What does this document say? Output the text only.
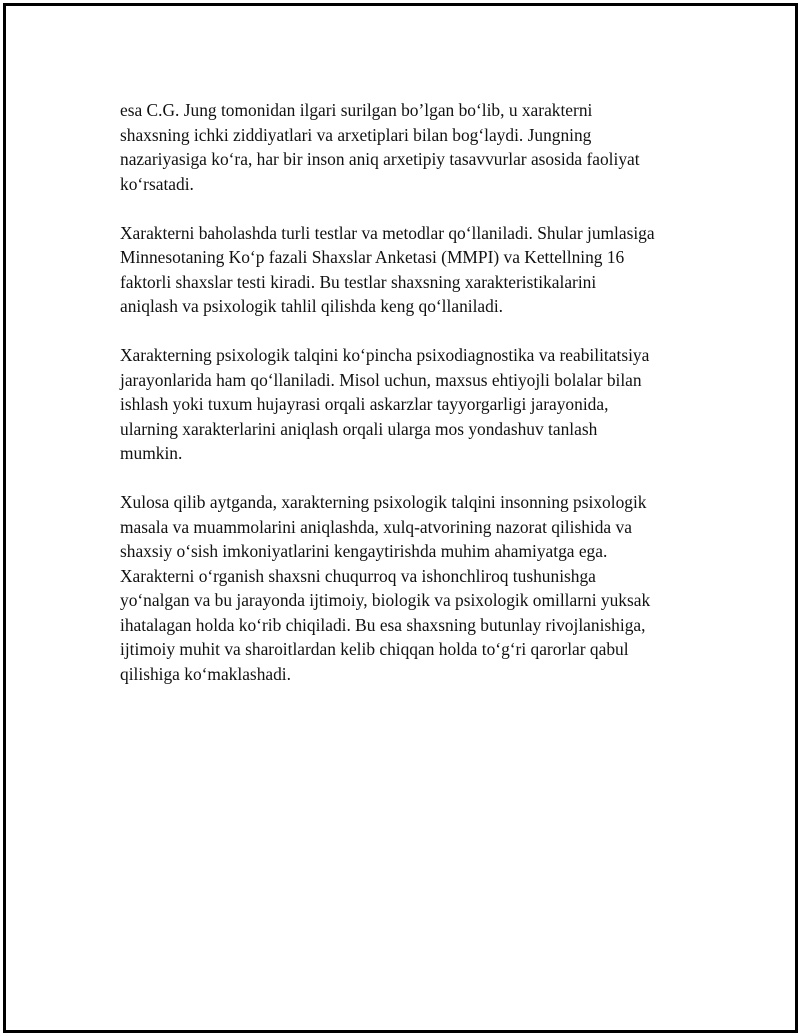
esa C.G. Jung tomonidan ilgari surilgan bo’lgan bo‘lib, u xarakterni
shaxsning ichki ziddiyatlari va arxetiplari bilan bog‘laydi. Jungning
nazariyasiga ko‘ra, har bir inson aniq arxetipiy tasavvurlar asosida faoliyat
ko‘rsatadi.

Xarakterni baholashda turli testlar va metodlar qo‘llaniladi. Shular jumlasiga
Minnesotaning Ko‘p fazali Shaxslar Anketasi (MMPI) va Kettellning 16
faktorli shaxslar testi kiradi. Bu testlar shaxsning xarakteristikalarini
aniqlash va psixologik tahlil qilishda keng qo‘llaniladi.

Xarakterning psixologik talqini ko‘pincha psixodiagnostika va reabilitatsiya
jarayonlarida ham qo‘llaniladi. Misol uchun, maxsus ehtiyojli bolalar bilan
ishlash yoki tuxum hujayrasi orqali askarzlar tayyorgarligi jarayonida,
ularning xarakterlarini aniqlash orqali ularga mos yondashuv tanlash
mumkin.

Xulosa qilib aytganda, xarakterning psixologik talqini insonning psixologik
masala va muammolarini aniqlashda, xulq-atvorining nazorat qilishida va
shaxsiy o‘sish imkoniyatlarini kengaytirishda muhim ahamiyatga ega.
Xarakterni o‘rganish shaxsni chuqurroq va ishonchliroq tushunishga
yo‘nalgan va bu jarayonda ijtimoiy, biologik va psixologik omillarni yuksak
ihatalagan holda ko‘rib chiqiladi. Bu esa shaxsning butunlay rivojlanishiga,
ijtimoiy muhit va sharoitlardan kelib chiqqan holda to‘g‘ri qarorlar qabul
qilishiga ko‘maklashadi.
